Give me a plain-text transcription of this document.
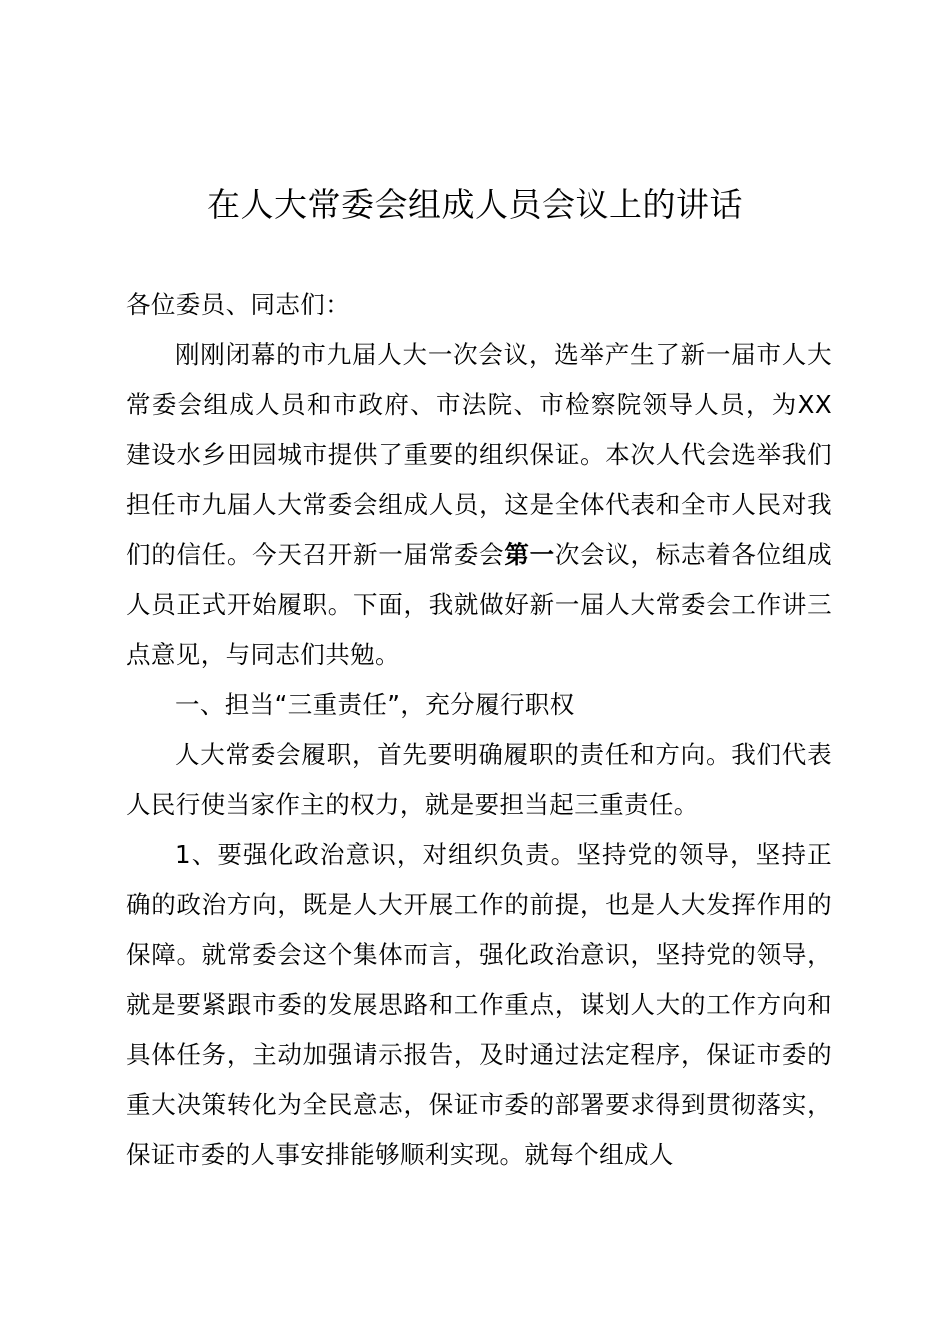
在人大常委会组成人员会议上的讲话

各位委员、同志们：

刚刚闭幕的市九届人大一次会议，选举产生了新一届市人大常委会组成人员和市政府、市法院、市检察院领导人员，为XX建设水乡田园城市提供了重要的组织保证。本次人代会选举我们担任市九届人大常委会组成人员，这是全体代表和全市人民对我们的信任。今天召开新一届常委会第一次会议，标志着各位组成人员正式开始履职。下面，我就做好新一届人大常委会工作讲三点意见，与同志们共勉。

一、担当“三重责任”，充分履行职权

人大常委会履职，首先要明确履职的责任和方向。我们代表人民行使当家作主的权力，就是要担当起三重责任。

1、要强化政治意识，对组织负责。坚持党的领导，坚持正确的政治方向，既是人大开展工作的前提，也是人大发挥作用的保障。就常委会这个集体而言，强化政治意识，坚持党的领导，就是要紧跟市委的发展思路和工作重点，谋划人大的工作方向和具体任务，主动加强请示报告，及时通过法定程序，保证市委的重大决策转化为全民意志，保证市委的部署要求得到贯彻落实，保证市委的人事安排能够顺利实现。就每个组成人
